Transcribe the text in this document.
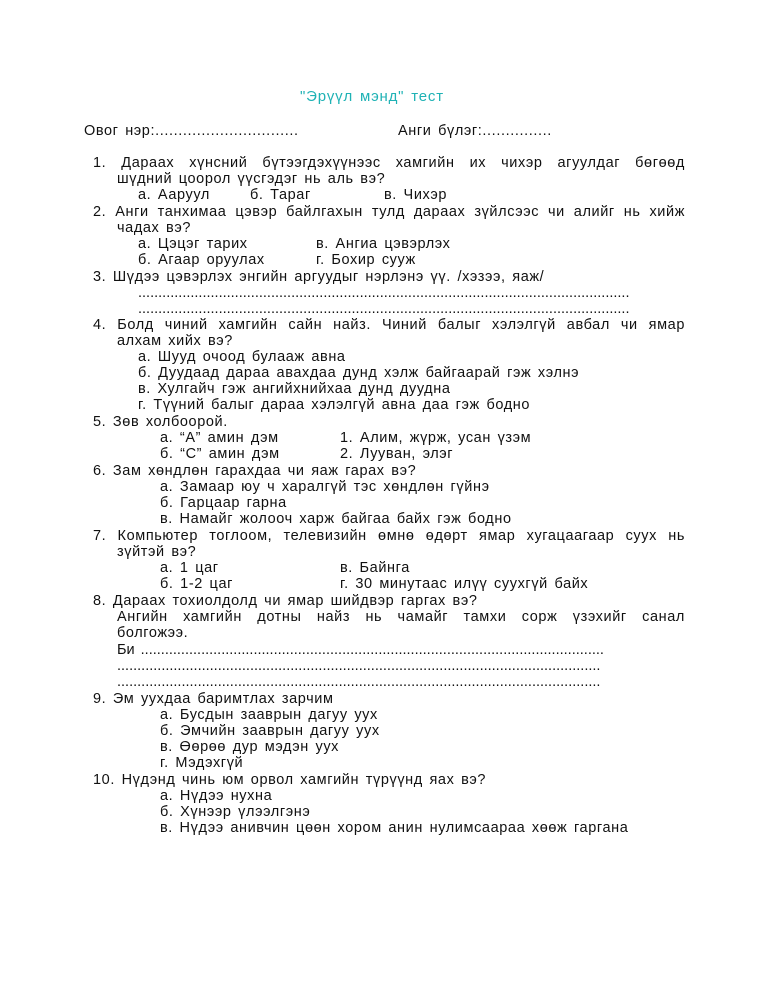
"Эрүүл мэнд" тест
Овог нэр:...............................	Анги бүлэг:...............
1. Дараах хүнсний бүтээгдэхүүнээс хамгийн их чихэр агуулдаг бөгөөд
шүдний цоорол үүсгэдэг нь аль вэ?
а. Ааруул	б. Тараг	в. Чихэр
2. Анги танхимаа цэвэр байлгахын тулд дараах зүйлсээс чи алийг нь хийж
чадах вэ?
а. Цэцэг тарих	в. Ангиа цэвэрлэх
б. Агаар оруулах	г. Бохир сууж
3. Шүдээ цэвэрлэх энгийн аргуудыг нэрлэнэ үү. /хэзээ, яаж/
..........................................................................................................................
..........................................................................................................................
4. Болд чиний хамгийн сайн найз. Чиний балыг хэлэлгүй авбал чи ямар
алхам хийх вэ?
а. Шууд очоод булааж авна
б. Дуудаад дараа авахдаа дунд хэлж байгаарай гэж хэлнэ
в. Хулгайч гэж ангийхнийхаа дунд дуудна
г. Түүний балыг дараа хэлэлгүй авна даа гэж бодно
5. Зөв холбоорой.
а. “А” амин дэм	1. Алим, жүрж, усан үзэм
б. “С” амин дэм	2. Лууван, элэг
6. Зам хөндлөн гарахдаа чи яаж гарах вэ?
а. Замаар юу ч харалгүй тэс хөндлөн гүйнэ
б. Гарцаар гарна
в. Намайг жолооч харж байгаа байх гэж бодно
7. Компьютер тоглоом, телевизийн өмнө өдөрт ямар хугацаагаар суух нь
зүйтэй вэ?
а. 1 цаг	в. Байнга
б. 1-2 цаг	г. 30 минутаас илүү суухгүй байх
8. Дараах тохиолдолд чи ямар шийдвэр гаргах вэ?
Ангийн хамгийн дотны найз нь чамайг тамхи сорж үзэхийг санал
болгожээ.
Би ...................................................................................................................
........................................................................................................................
........................................................................................................................
9. Эм уухдаа баримтлах зарчим
а. Бусдын зааврын дагуу уух
б. Эмчийн зааврын дагуу уух
в. Өөрөө дур мэдэн уух
г. Мэдэхгүй
10. Нүдэнд чинь юм орвол хамгийн түрүүнд яах вэ?
а. Нүдээ нухна
б. Хүнээр үлээлгэнэ
в. Нүдээ анивчин цөөн хором анин нулимсаараа хөөж гаргана
